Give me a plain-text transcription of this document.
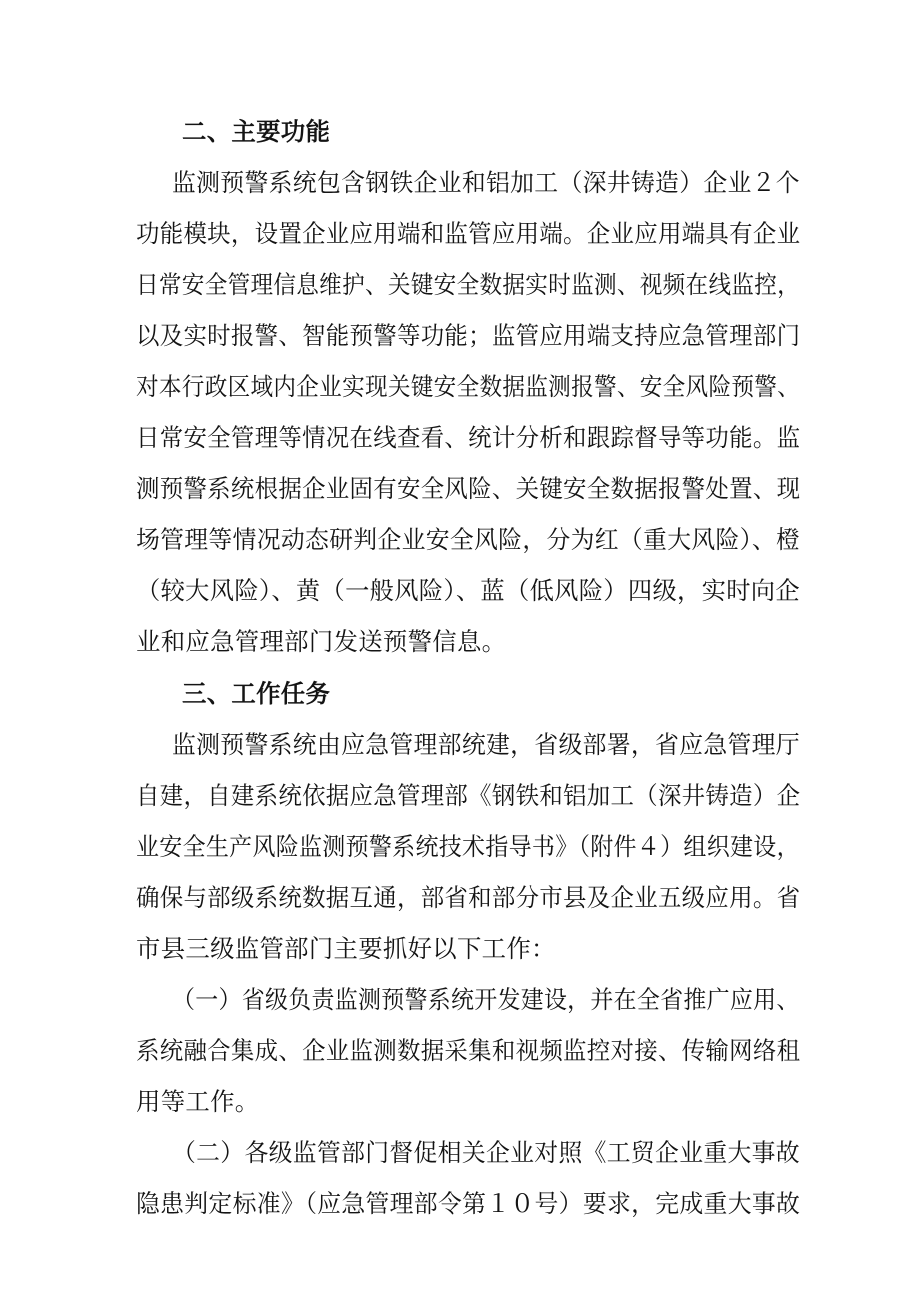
二、主要功能
监测预警系统包含钢铁企业和铝加工（深井铸造）企业２个
功能模块，设置企业应用端和监管应用端。企业应用端具有企业
日常安全管理信息维护、关键安全数据实时监测、视频在线监控，
以及实时报警、智能预警等功能；监管应用端支持应急管理部门
对本行政区域内企业实现关键安全数据监测报警、安全风险预警、
日常安全管理等情况在线查看、统计分析和跟踪督导等功能。监
测预警系统根据企业固有安全风险、关键安全数据报警处置、现
场管理等情况动态研判企业安全风险，分为红（重大风险）、橙
（较大风险）、黄（一般风险）、蓝（低风险）四级，实时向企
业和应急管理部门发送预警信息。
三、工作任务
监测预警系统由应急管理部统建，省级部署，省应急管理厅
自建，自建系统依据应急管理部《钢铁和铝加工（深井铸造）企
业安全生产风险监测预警系统技术指导书》（附件４）组织建设，
确保与部级系统数据互通，部省和部分市县及企业五级应用。省
市县三级监管部门主要抓好以下工作：
（一）省级负责监测预警系统开发建设，并在全省推广应用、
系统融合集成、企业监测数据采集和视频监控对接、传输网络租
用等工作。
（二）各级监管部门督促相关企业对照《工贸企业重大事故
隐患判定标准》（应急管理部令第１０号）要求，完成重大事故
